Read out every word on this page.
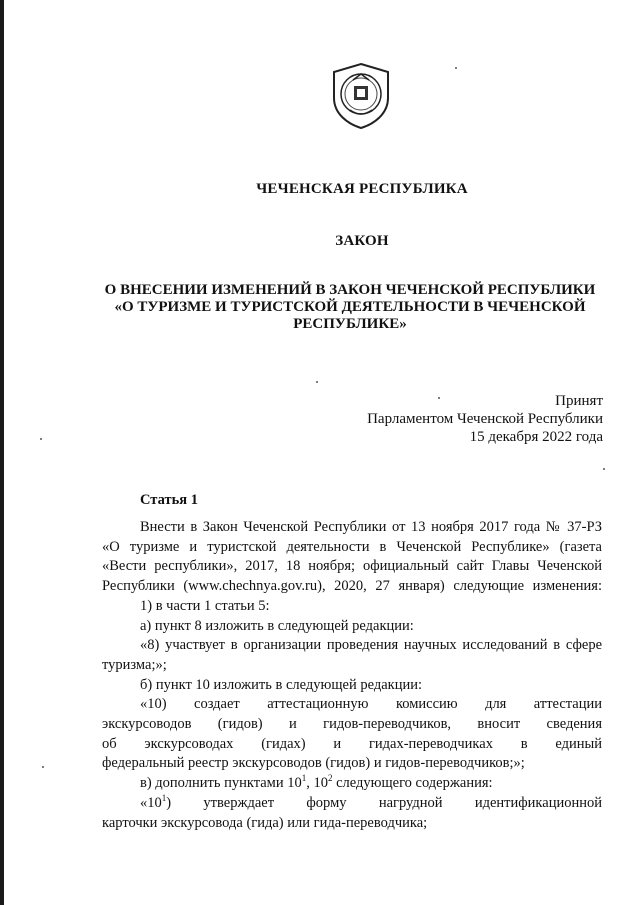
ЧЕЧЕНСКАЯ РЕСПУБЛИКА
ЗАКОН
О ВНЕСЕНИИ ИЗМЕНЕНИЙ В ЗАКОН ЧЕЧЕНСКОЙ РЕСПУБЛИКИ
«О ТУРИЗМЕ И ТУРИСТСКОЙ ДЕЯТЕЛЬНОСТИ В ЧЕЧЕНСКОЙ
РЕСПУБЛИКЕ»
Принят
Парламентом Чеченской Республики
15 декабря 2022 года
Статья 1

Внести в Закон Чеченской Республики от 13 ноября 2017 года № 37-РЗ

«О туризме и туристской деятельности в Чеченской Республике» (газета

«Вести республики», 2017, 18 ноября; официальный сайт Главы Чеченской

Республики (www.chechnya.gov.ru), 2020, 27 января) следующие изменения:

1) в части 1 статьи 5:

а) пункт 8 изложить в следующей редакции:

«8) участвует в организации проведения научных исследований в сфере

туризма;»;

б) пункт 10 изложить в следующей редакции:

«10) создает аттестационную комиссию для аттестации

экскурсоводов (гидов) и гидов-переводчиков, вносит сведения

об экскурсоводах (гидах) и гидах-переводчиках в единый

федеральный реестр экскурсоводов (гидов) и гидов-переводчиков;»;

в) дополнить пунктами $10^1$, $10^2$ следующего содержания:

«$10^1$) утверждает форму нагрудной идентификационной

карточки экскурсовода (гида) или гида-переводчика;
